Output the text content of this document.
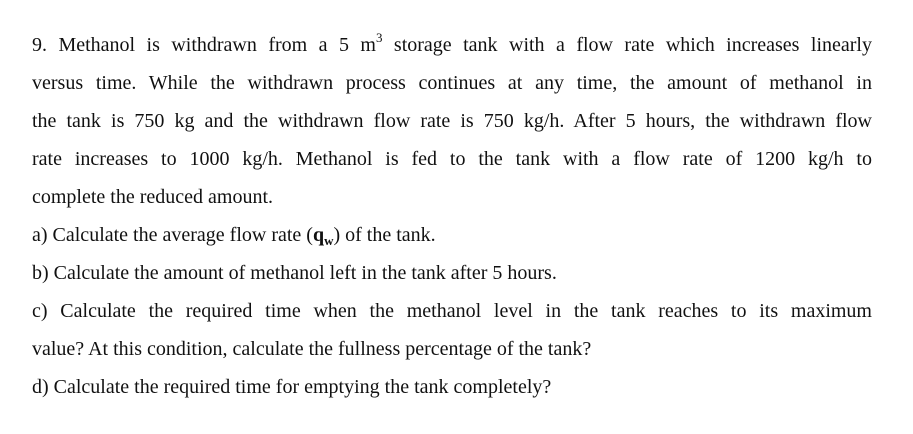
9. Methanol is withdrawn from a 5 $m^3$ storage tank with a flow rate which increases linearly
versus time. While the withdrawn process continues at any time, the amount of methanol in
the tank is 750 kg and the withdrawn flow rate is 750 kg/h. After 5 hours, the withdrawn flow
rate increases to 1000 kg/h. Methanol is fed to the tank with a flow rate of 1200 kg/h to
complete the reduced amount.
a) Calculate the average flow rate $(q_w)$ of the tank.
b) Calculate the amount of methanol left in the tank after 5 hours.
c) Calculate the required time when the methanol level in the tank reaches to its maximum
value? At this condition, calculate the fullness percentage of the tank?
d) Calculate the required time for emptying the tank completely?
